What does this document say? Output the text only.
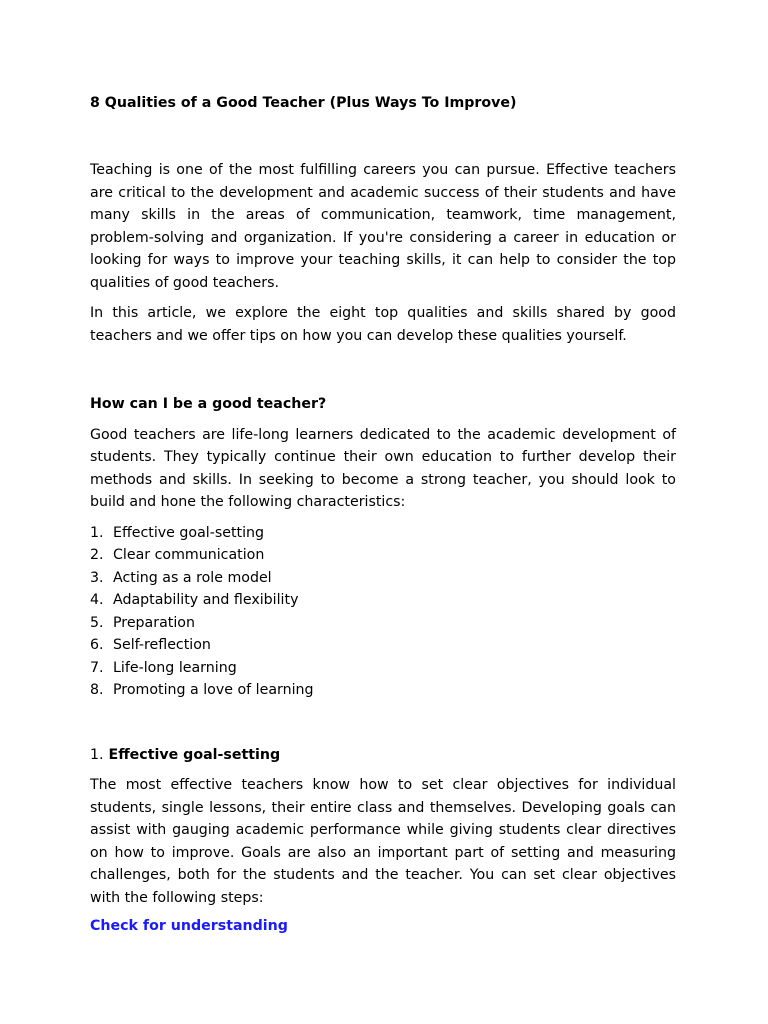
8 Qualities of a Good Teacher (Plus Ways To Improve)

Teaching is one of the most fulfilling careers you can pursue. Effective teachers are critical to the development and academic success of their students and have many skills in the areas of communication, teamwork, time management, problem-solving and organization. If you're considering a career in education or looking for ways to improve your teaching skills, it can help to consider the top qualities of good teachers.

In this article, we explore the eight top qualities and skills shared by good teachers and we offer tips on how you can develop these qualities yourself.

How can I be a good teacher?

Good teachers are life-long learners dedicated to the academic development of students. They typically continue their own education to further develop their methods and skills. In seeking to become a strong teacher, you should look to build and hone the following characteristics:

1. Effective goal-setting
2. Clear communication
3. Acting as a role model
4. Adaptability and flexibility
5. Preparation
6. Self-reflection
7. Life-long learning
8. Promoting a love of learning
1. Effective goal-setting

The most effective teachers know how to set clear objectives for individual students, single lessons, their entire class and themselves. Developing goals can assist with gauging academic performance while giving students clear directives on how to improve. Goals are also an important part of setting and measuring challenges, both for the students and the teacher. You can set clear objectives with the following steps:

Check for understanding
